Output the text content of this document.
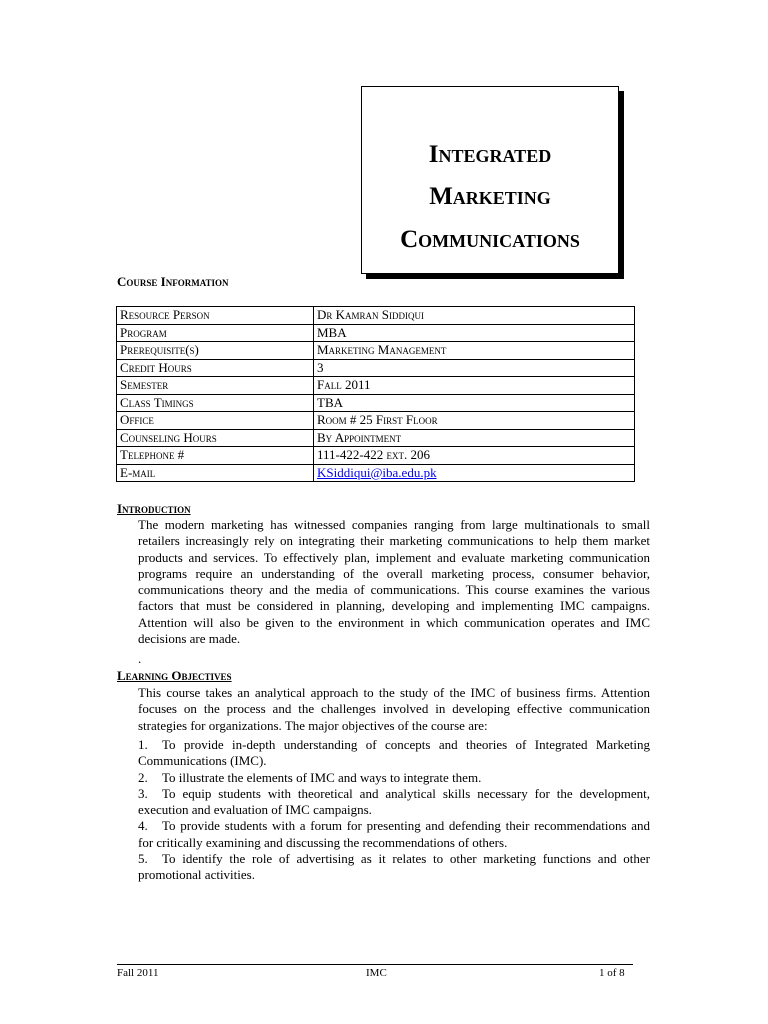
Integrated
Marketing
Communications
Course Information
Resource Person	Dr Kamran Siddiqui
Program	MBA
Prerequisite(s)	Marketing Management
Credit Hours	3
Semester	Fall 2011
Class Timings	TBA
Office	Room # 25 First Floor
Counseling Hours	By Appointment
Telephone #	111-422-422 ext. 206
E-mail	KSiddiqui@iba.edu.pk
Introduction

The modern marketing has witnessed companies ranging from large multinationals to small retailers increasingly rely on integrating their marketing communications to help them market products and services. To effectively plan, implement and evaluate marketing communication programs require an understanding of the overall marketing process, consumer behavior, communications theory and the media of communications. This course examines the various factors that must be considered in planning, developing and implementing IMC campaigns. Attention will also be given to the environment in which communication operates and IMC decisions are made.

.
Learning Objectives

This course takes an analytical approach to the study of the IMC of business firms. Attention focuses on the process and the challenges involved in developing effective communication strategies for organizations. The major objectives of the course are:

1. To provide in-depth understanding of concepts and theories of Integrated Marketing Communications (IMC).
2. To illustrate the elements of IMC and ways to integrate them.
3. To equip students with theoretical and analytical skills necessary for the development, execution and evaluation of IMC campaigns.
4. To provide students with a forum for presenting and defending their recommendations and for critically examining and discussing the recommendations of others.
5. To identify the role of advertising as it relates to other marketing functions and other promotional activities.
Fall 2011	IMC	1 of 8
